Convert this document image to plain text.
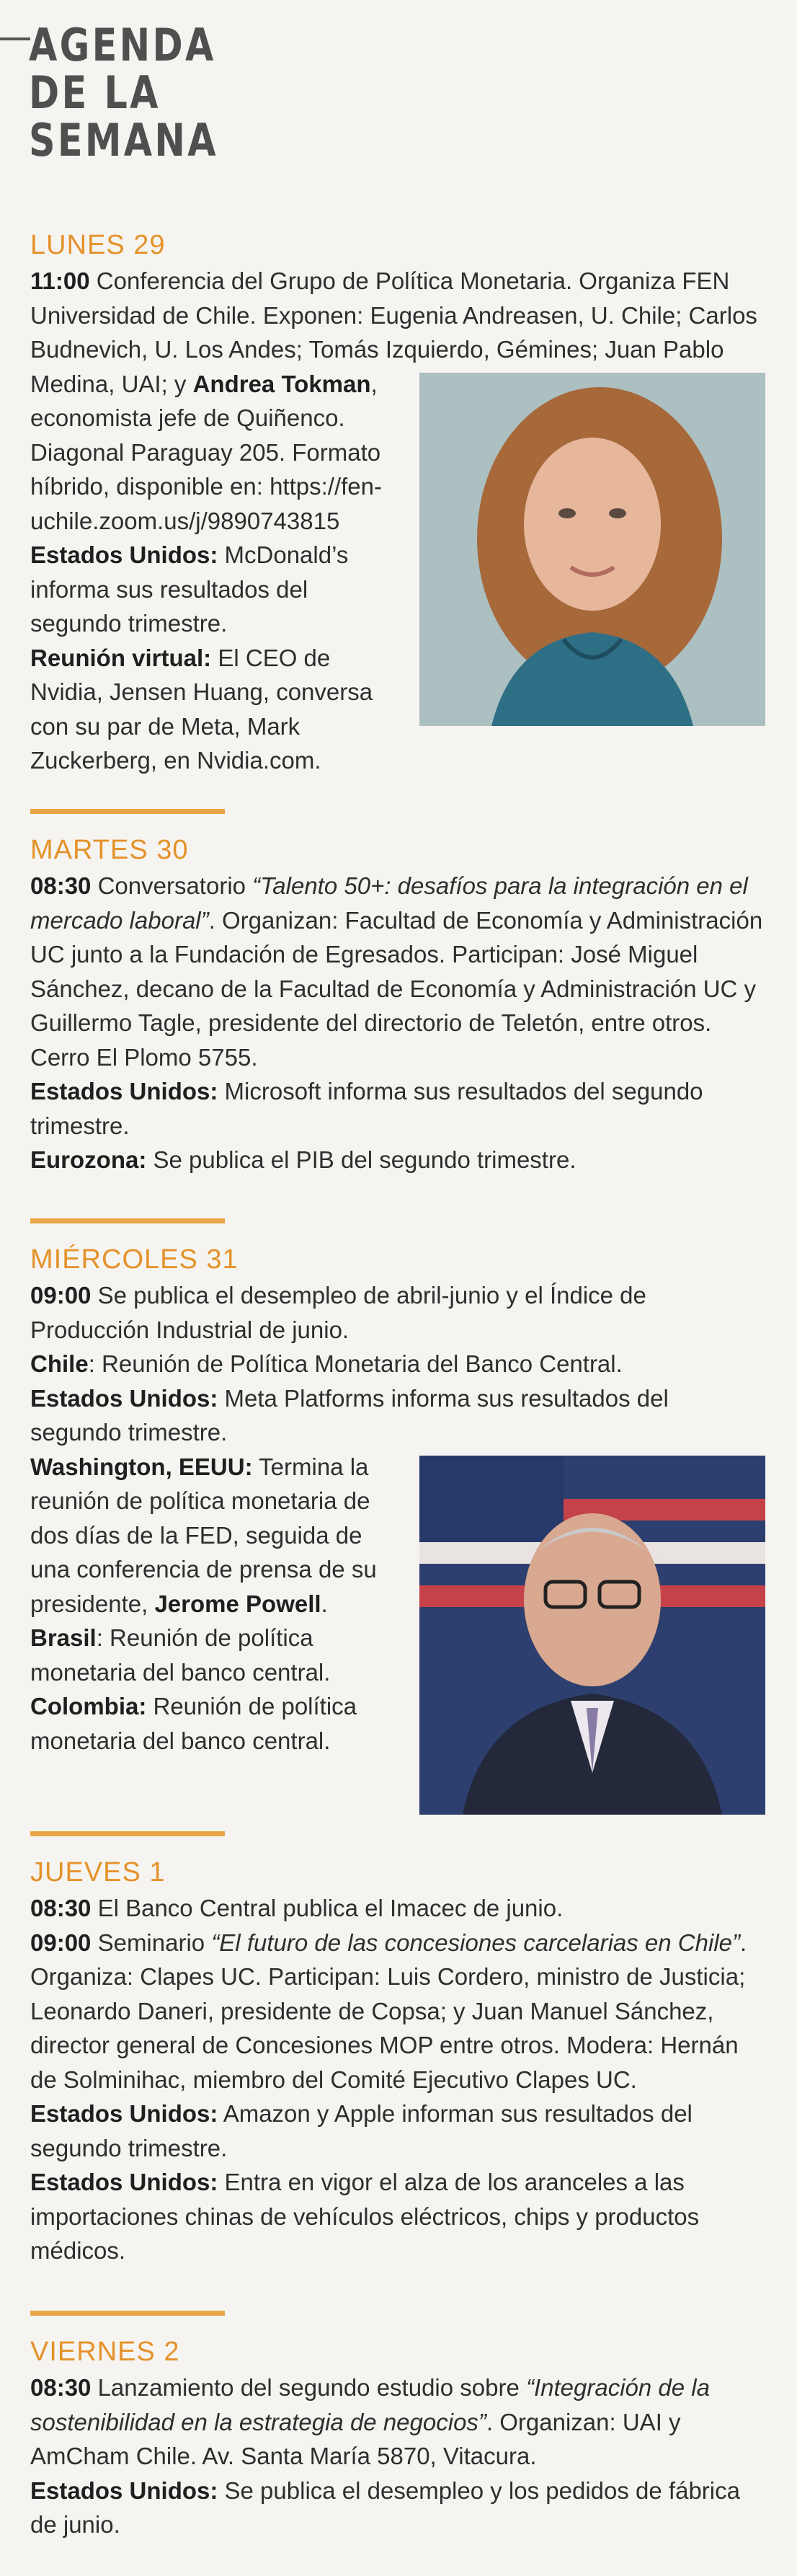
AGENDA
DE LA
SEMANA
LUNES 29

11:00 Conferencia del Grupo de Política Monetaria. Organiza FEN Universidad de Chile. Exponen: Eugenia Andreasen, U. Chile; Carlos Budnevich, U. Los Andes; Tomás Izquierdo, Gémines; Juan Pablo Medina, UAI; y
Andrea Tokman, economista jefe de Quiñenco. Diagonal Paraguay 205. Formato híbrido, disponible en: https://fen-uchile.zoom.us/j/9890743815
Estados Unidos: McDonald’s informa sus resultados del segundo trimestre.
Reunión virtual: El CEO de Nvidia, Jensen Huang, conversa con su par de Meta, Mark Zuckerberg, en Nvidia.com.

MARTES 30

08:30 Conversatorio “Talento 50+: desafíos para la integración en el mercado laboral”. Organizan: Facultad de Economía y Administración UC junto a la Fundación de Egresados. Participan: José Miguel Sánchez, decano de la Facultad de Economía y Administración UC y Guillermo Tagle, presidente del directorio de Teletón, entre otros. Cerro El Plomo 5755.
Estados Unidos: Microsoft informa sus resultados del segundo trimestre.
Eurozona: Se publica el PIB del segundo trimestre.

MIÉRCOLES 31

09:00 Se publica el desempleo de abril-junio y el Índice de Producción Industrial de junio.
Chile: Reunión de Política Monetaria del Banco Central.
Estados Unidos: Meta Platforms informa sus resultados del segundo trimestre.

Washington, EEUU: Termina la reunión de política monetaria de dos días de la FED, seguida de una conferencia de prensa de su presidente, Jerome Powell.
Brasil: Reunión de política monetaria del banco central.
Colombia: Reunión de política monetaria del banco central.

JUEVES 1

08:30 El Banco Central publica el Imacec de junio.
09:00 Seminario “El futuro de las concesiones carcelarias en Chile”. Organiza: Clapes UC. Participan: Luis Cordero, ministro de Justicia; Leonardo Daneri, presidente de Copsa; y Juan Manuel Sánchez, director general de Concesiones MOP entre otros. Modera: Hernán de Solminihac, miembro del Comité Ejecutivo Clapes UC.
Estados Unidos: Amazon y Apple informan sus resultados del segundo trimestre.
Estados Unidos: Entra en vigor el alza de los aranceles a las importaciones chinas de vehículos eléctricos, chips y productos médicos.

VIERNES 2

08:30 Lanzamiento del segundo estudio sobre “Integración de la sostenibilidad en la estrategia de negocios”. Organizan: UAI y AmCham Chile. Av. Santa María 5870, Vitacura.
Estados Unidos: Se publica el desempleo y los pedidos de fábrica de junio.
